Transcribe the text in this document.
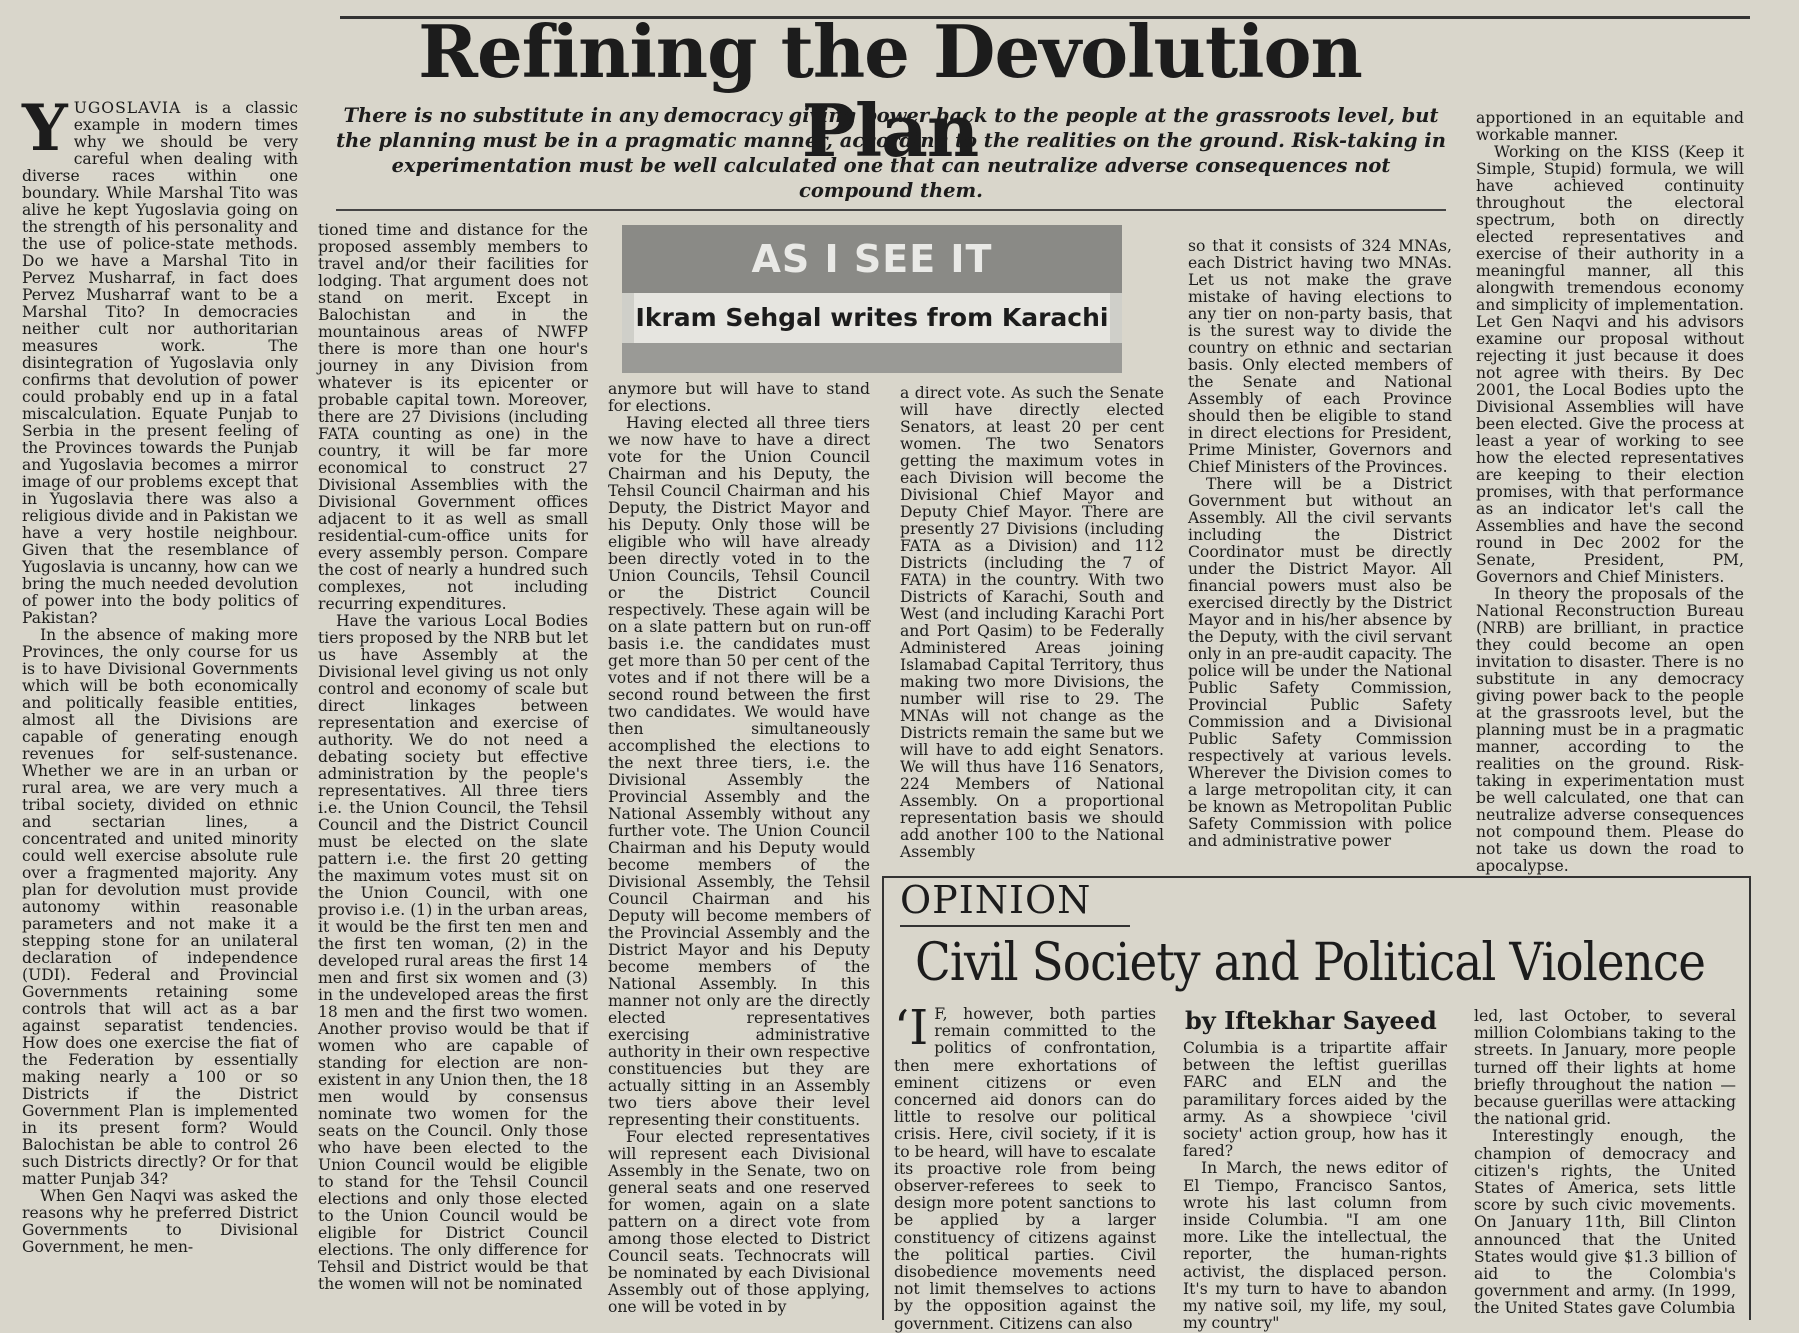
Refining the Devolution Plan
There is no substitute in any democracy giving power back to the people at the grassroots level, but the planning must be in a pragmatic manner, according to the realities on the ground. Risk-taking in experimentation must be well calculated one that can neutralize adverse consequences not compound them.

YUGOSLAVIA is a classic example in modern times why we should be very careful when dealing with diverse races within one boundary. While Marshal Tito was alive he kept Yugoslavia going on the strength of his personality and the use of police-state methods. Do we have a Marshal Tito in Pervez Musharraf, in fact does Pervez Musharraf want to be a Marshal Tito? In democracies neither cult nor authoritarian measures work. The disintegration of Yugoslavia only confirms that devolution of power could probably end up in a fatal miscalculation. Equate Punjab to Serbia in the present feeling of the Provinces towards the Punjab and Yugoslavia becomes a mirror image of our problems except that in Yugoslavia there was also a religious divide and in Pakistan we have a very hostile neighbour. Given that the resemblance of Yugoslavia is uncanny, how can we bring the much needed devolution of power into the body politics of Pakistan?

In the absence of making more Provinces, the only course for us is to have Divisional Governments which will be both economically and politically feasible entities, almost all the Divisions are capable of generating enough revenues for self-sustenance. Whether we are in an urban or rural area, we are very much a tribal society, divided on ethnic and sectarian lines, a concentrated and united minority could well exercise absolute rule over a fragmented majority. Any plan for devolution must provide autonomy within reasonable parameters and not make it a stepping stone for an unilateral declaration of independence (UDI). Federal and Provincial Governments retaining some controls that will act as a bar against separatist tendencies. How does one exercise the fiat of the Federation by essentially making nearly a 100 or so Districts if the District Government Plan is implemented in its present form? Would Balochistan be able to control 26 such Districts directly? Or for that matter Punjab 34?

When Gen Naqvi was asked the reasons why he preferred District Governments to Divisional Government, he men-

tioned time and distance for the proposed assembly members to travel and/or their facilities for lodging. That argument does not stand on merit. Except in Balochistan and in the mountainous areas of NWFP there is more than one hour's journey in any Division from whatever is its epicenter or probable capital town. Moreover, there are 27 Divisions (including FATA counting as one) in the country, it will be far more economical to construct 27 Divisional Assemblies with the Divisional Government offices adjacent to it as well as small residential-cum-office units for every assembly person. Compare the cost of nearly a hundred such complexes, not including recurring expenditures.

Have the various Local Bodies tiers proposed by the NRB but let us have Assembly at the Divisional level giving us not only control and economy of scale but direct linkages between representation and exercise of authority. We do not need a debating society but effective administration by the people's representatives. All three tiers i.e. the Union Council, the Tehsil Council and the District Council must be elected on the slate pattern i.e. the first 20 getting the maximum votes must sit on the Union Council, with one proviso i.e. (1) in the urban areas, it would be the first ten men and the first ten woman, (2) in the developed rural areas the first 14 men and first six women and (3) in the undeveloped areas the first 18 men and the first two women. Another proviso would be that if women who are capable of standing for election are non-existent in any Union then, the 18 men would by consensus nominate two women for the seats on the Council. Only those who have been elected to the Union Council would be eligible to stand for the Tehsil Council elections and only those elected to the Union Council would be eligible for District Council elections. The only difference for Tehsil and District would be that the women will not be nominated

AS I SEE IT
Ikram Sehgal writes from Karachi

anymore but will have to stand for elections.

Having elected all three tiers we now have to have a direct vote for the Union Council Chairman and his Deputy, the Tehsil Council Chairman and his Deputy, the District Mayor and his Deputy. Only those will be eligible who will have already been directly voted in to the Union Councils, Tehsil Council or the District Council respectively. These again will be on a slate pattern but on run-off basis i.e. the candidates must get more than 50 per cent of the votes and if not there will be a second round between the first two candidates. We would have then simultaneously accomplished the elections to the next three tiers, i.e. the Divisional Assembly the Provincial Assembly and the National Assembly without any further vote. The Union Council Chairman and his Deputy would become members of the Divisional Assembly, the Tehsil Council Chairman and his Deputy will become members of the Provincial Assembly and the District Mayor and his Deputy become members of the National Assembly. In this manner not only are the directly elected representatives exercising administrative authority in their own respective constituencies but they are actually sitting in an Assembly two tiers above their level representing their constituents.

Four elected representatives will represent each Divisional Assembly in the Senate, two on general seats and one reserved for women, again on a slate pattern on a direct vote from among those elected to District Council seats. Technocrats will be nominated by each Divisional Assembly out of those applying, one will be voted in by

a direct vote. As such the Senate will have directly elected Senators, at least 20 per cent women. The two Senators getting the maximum votes in each Division will become the Divisional Chief Mayor and Deputy Chief Mayor. There are presently 27 Divisions (including FATA as a Division) and 112 Districts (including the 7 of FATA) in the country. With two Districts of Karachi, South and West (and including Karachi Port and Port Qasim) to be Federally Administered Areas joining Islamabad Capital Territory, thus making two more Divisions, the number will rise to 29. The MNAs will not change as the Districts remain the same but we will have to add eight Senators. We will thus have 116 Senators, 224 Members of National Assembly. On a proportional representation basis we should add another 100 to the National Assembly

so that it consists of 324 MNAs, each District having two MNAs. Let us not make the grave mistake of having elections to any tier on non-party basis, that is the surest way to divide the country on ethnic and sectarian basis. Only elected members of the Senate and National Assembly of each Province should then be eligible to stand in direct elections for President, Prime Minister, Governors and Chief Ministers of the Provinces.

There will be a District Government but without an Assembly. All the civil servants including the District Coordinator must be directly under the District Mayor. All financial powers must also be exercised directly by the District Mayor and in his/her absence by the Deputy, with the civil servant only in an pre-audit capacity. The police will be under the National Public Safety Commission, Provincial Public Safety Commission and a Divisional Public Safety Commission respectively at various levels. Wherever the Division comes to a large metropolitan city, it can be known as Metropolitan Public Safety Commission with police and administrative power

apportioned in an equitable and workable manner.

Working on the KISS (Keep it Simple, Stupid) formula, we will have achieved continuity throughout the electoral spectrum, both on directly elected representatives and exercise of their authority in a meaningful manner, all this alongwith tremendous economy and simplicity of implementation. Let Gen Naqvi and his advisors examine our proposal without rejecting it just because it does not agree with theirs. By Dec 2001, the Local Bodies upto the Divisional Assemblies will have been elected. Give the process at least a year of working to see how the elected representatives are keeping to their election promises, with that performance as an indicator let's call the Assemblies and have the second round in Dec 2002 for the Senate, President, PM, Governors and Chief Ministers.

In theory the proposals of the National Reconstruction Bureau (NRB) are brilliant, in practice they could become an open invitation to disaster. There is no substitute in any democracy giving power back to the people at the grassroots level, but the planning must be in a pragmatic manner, according to the realities on the ground. Risk-taking in experimentation must be well calculated, one that can neutralize adverse consequences not compound them. Please do not take us down the road to apocalypse.

OPINION
Civil Society and Political Violence
by Iftekhar Sayeed

‘I F, however, both parties remain committed to the politics of confrontation, then mere exhortations of eminent citizens or even concerned aid donors can do little to resolve our political crisis. Here, civil society, if it is to be heard, will have to escalate its proactive role from being observer-referees to seek to design more potent sanctions to be applied by a larger constituency of citizens against the political parties. Civil disobedience movements need not limit themselves to actions by the opposition against the government. Citizens can also

Columbia is a tripartite affair between the leftist guerillas FARC and ELN and the paramilitary forces aided by the army. As a showpiece 'civil society' action group, how has it fared?

In March, the news editor of El Tiempo, Francisco Santos, wrote his last column from inside Columbia. "I am one more. Like the intellectual, the reporter, the human-rights activist, the displaced person. It's my turn to have to abandon my native soil, my life, my soul, my country"

led, last October, to several million Colombians taking to the streets. In January, more people turned off their lights at home briefly throughout the nation — because guerillas were attacking the national grid.

Interestingly enough, the champion of democracy and citizen's rights, the United States of America, sets little score by such civic movements. On January 11th, Bill Clinton announced that the United States would give $1.3 billion of aid to the Colombia's government and army. (In 1999, the United States gave Columbia
